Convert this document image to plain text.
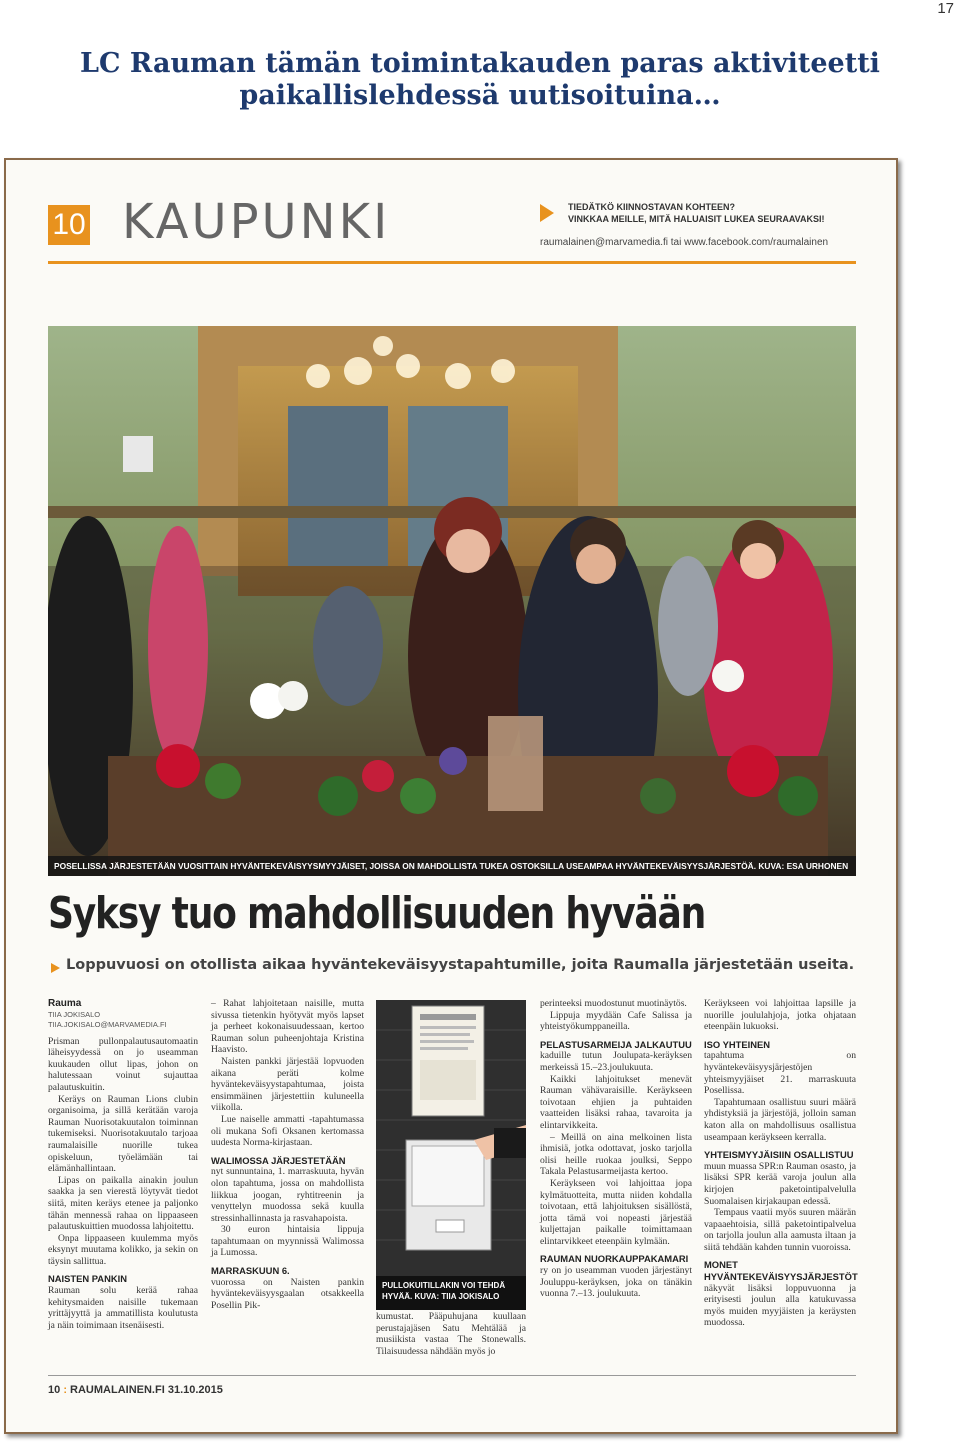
17
LC Rauman tämän toimintakauden paras aktiviteetti
paikallislehdessä uutisoituina…
10 KAUPUNKI	TIEDÄTKÖ KIINNOSTAVAN KOHTEEN?
VINKKAA MEILLE, MITÄ HALUAISIT LUKEA SEURAAVAKSI!
raumalainen@marvamedia.fi tai www.facebook.com/raumalainen
POSELLISSA JÄRJESTETÄÄN VUOSITTAIN HYVÄNTEKEVÄISYYSMYYJÄISET, JOISSA ON MAHDOLLISTA TUKEA OSTOKSILLA USEAMPAA HYVÄNTEKEVÄISYYSJÄRJESTÖÄ. KUVA: ESA URHONEN
Syksy tuo mahdollisuuden hyvään
Loppuvuosi on otollista aikaa hyväntekeväisyystapahtumille, joita Raumalla järjestetään useita.
Rauma
TIIA JOKISALO
TIIA.JOKISALO@MARVAMEDIA.FI

Prisman pullonpalautusautomaatin läheisyydessä on jo useamman kuukauden ollut lipas, johon on halutessaan voinut sujauttaa palautuskuitin.

Keräys on Rauman Lions clubin organisoima, ja sillä kerätään varoja Rauman Nuorisotakuutalon toiminnan tukemiseksi. Nuorisotakuutalo tarjoaa raumalaisille nuorille tukea opiskeluun, työelämään tai elämänhallintaan.

Lipas on paikalla ainakin joulun saakka ja sen vierestä löytyvät tiedot siitä, miten keräys etenee ja paljonko tähän mennessä rahaa on lippaaseen palautuskuittien muodossa lahjoitettu.

Onpa lippaaseen kuulemma myös eksynyt muutama kolikko, ja sekin on täysin sallittua.

NAISTEN PANKIN

Rauman solu kerää rahaa kehitysmaiden naisille tukemaan yrittäjyyttä ja ammatillista koulutusta ja näin toimimaan itsenäisesti.

– Rahat lahjoitetaan naisille, mutta sivussa tietenkin hyötyvät myös lapset ja perheet kokonaisuudessaan, kertoo Rauman solun puheenjohtaja Kristina Haavisto.

Naisten pankki järjestää lopvuoden aikana peräti kolme hyväntekeväisyystapahtumaa, joista ensimmäinen järjestettiin kuluneella viikolla.

Lue naiselle ammatti -tapahtumassa oli mukana Sofi Oksanen kertomassa uudesta Norma-kirjastaan.

WALIMOSSA JÄRJESTETÄÄN

nyt sunnuntaina, 1. marraskuuta, hyvän olon tapahtuma, jossa on mahdollista liikkua joogan, ryhtitreenin ja venyttelyn muodossa sekä kuulla stressinhallinnasta ja rasvahapoista.

30 euron hintaisia lippuja tapahtumaan on myynnissä Walimossa ja Lumossa.

MARRASKUUN 6.

vuorossa on Naisten pankin hyväntekeväisyysgaalan otsakkeella Posellin Pik-

PULLOKUITILLAKIN VOI TEHDÄ HYVÄÄ. KUVA: TIIA JOKISALO

kumustat. Pääpuhujana kuullaan perustajajäsen Satu Mehtälää ja musiikista vastaa The Stonewalls. Tilaisuudessa nähdään myös jo

perinteeksi muodostunut muotinäytös.

Lippuja myydään Cafe Salissa ja yhteistyökumppaneilla.

PELASTUSARMEIJA JALKAUTUU

kaduille tutun Joulupata-keräyksen merkeissä 15.–23.joulukuuta.

Kaikki lahjoitukset menevät Rauman vähävaraisille. Keräykseen toivotaan ehjien ja puhtaiden vaatteiden lisäksi rahaa, tavaroita ja elintarvikkeita.

– Meillä on aina melkoinen lista ihmisiä, jotka odottavat, josko tarjolla olisi heille ruokaa joulksi, Seppo Takala Pelastusarmeijasta kertoo.

Keräykseen voi lahjoittaa jopa kylmätuotteita, mutta niiden kohdalla toivotaan, että lahjoituksen sisällöstä, jotta tämä voi nopeasti järjestää kuljettajan paikalle toimittamaan elintarvikkeet eteenpäin kylmään.

RAUMAN NUORKAUPPAKAMARI

ry on jo useamman vuoden järjestänyt Jouluppu-keräyksen, joka on tänäkin vuonna 7.–13. joulukuuta.

Keräykseen voi lahjoittaa lapsille ja nuorille joululahjoja, jotka ohjataan eteenpäin lukuoksi.

ISO YHTEINEN

tapahtuma on hyväntekeväisyysjärjestöjen yhteismyyjäiset 21. marraskuuta Posellissa.

Tapahtumaan osallistuu suuri määrä yhdistyksiä ja järjestöjä, jolloin saman katon alla on mahdollisuus osallistua useampaan keräykseen kerralla.

YHTEISMYYJÄISIIN OSALLISTUU

muun muassa SPR:n Rauman osasto, ja lisäksi SPR kerää varoja joulun alla kirjojen paketointipalvelulla Suomalaisen kirjakaupan edessä.

Tempaus vaatii myös suuren määrän vapaaehtoisia, sillä paketointipalvelua on tarjolla joulun alla aamusta iltaan ja siitä tehdään kahden tunnin vuoroissa.

MONET HYVÄNTEKEVÄISYYSJÄRJESTÖT

näkyvät lisäksi loppuvuonna ja erityisesti joulun alla katukuvassa myös muiden myyjäisten ja keräysten muodossa.

10 : RAUMALAINEN.FI 31.10.2015
